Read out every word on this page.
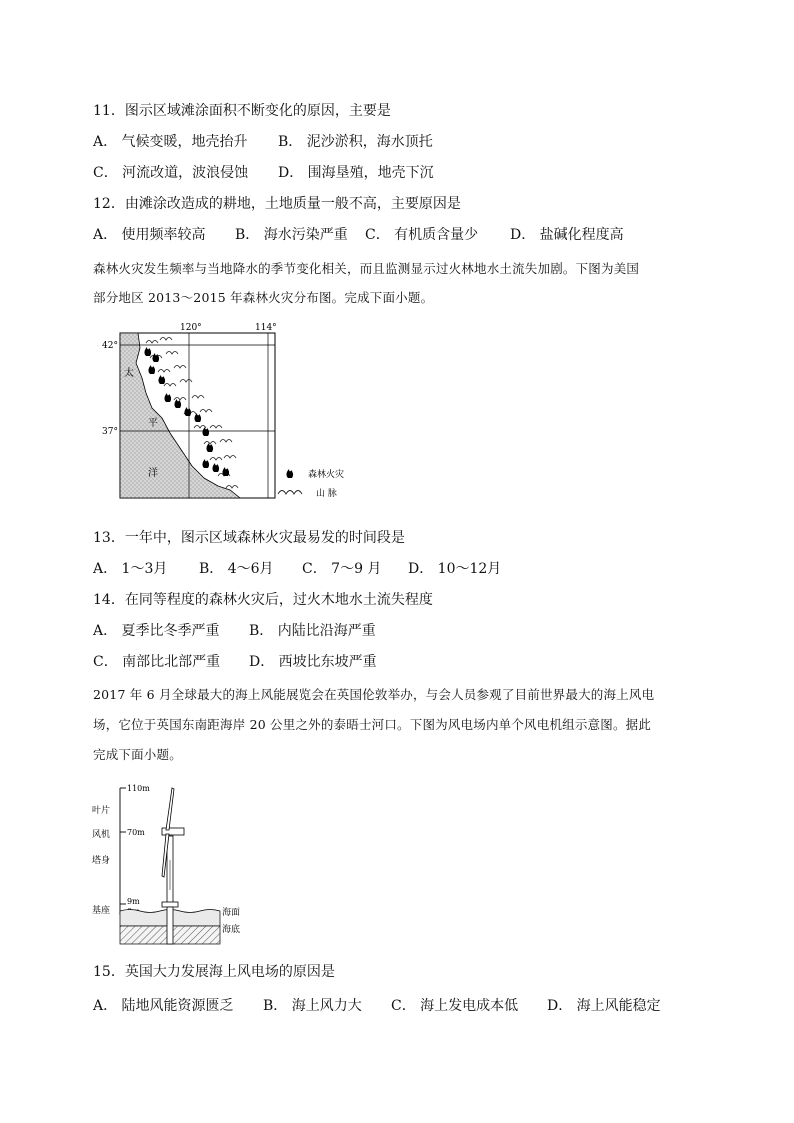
11．图示区域滩涂面积不断变化的原因，主要是
A． 气候变暖，地壳抬升 B． 泥沙淤积，海水顶托
C． 河流改道，波浪侵蚀 D． 围海垦殖，地壳下沉
12．由滩涂改造成的耕地，土地质量一般不高，主要原因是
A． 使用频率较高 B． 海水污染严重 C． 有机质含量少 D． 盐碱化程度高
森林火灾发生频率与当地降水的季节变化相关，而且监测显示过火林地水土流失加剧。下图为美国
部分地区 2013～2015 年森林火灾分布图。完成下面小题。
120°	114°
42°
37°
太
平
洋	森林火灾
山 脉
13．一年中，图示区域森林火灾最易发的时间段是
A． 1～3月 B． 4～6月 C． 7～9 月 D． 10～12月
14．在同等程度的森林火灾后，过火木地水土流失程度
A． 夏季比冬季严重 B． 内陆比沿海严重
C． 南部比北部严重 D． 西坡比东坡严重
2017 年 6 月全球最大的海上风能展览会在英国伦敦举办，与会人员参观了目前世界最大的海上风电
场，它位于英国东南距海岸 20 公里之外的泰晤士河口。下图为风电场内单个风电机组示意图。据此
完成下面小题。
110m
70m
9m
叶片
风机
塔身
基座	海面
海底
15．英国大力发展海上风电场的原因是
A． 陆地风能资源匮乏 B． 海上风力大 C． 海上发电成本低 D． 海上风能稳定
